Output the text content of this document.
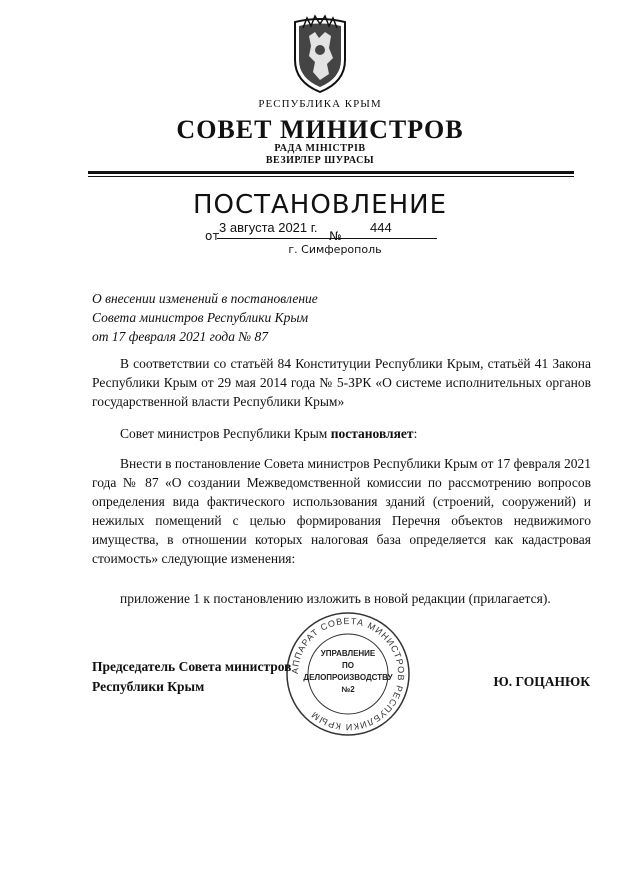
РЕСПУБЛИКА КРЫМ
СОВЕТ МИНИСТРОВ
РАДА МІНІСТРІВ
ВЕЗИРЛЕР ШУРАСЫ
ПОСТАНОВЛЕНИЕ
от
3 августа 2021 г.
№
444
г. Симферополь
О внесении изменений в постановление
Совета министров Республики Крым
от 17 февраля 2021 года № 87
В соответствии со статьёй 84 Конституции Республики Крым, статьёй 41 Закона Республики Крым от 29 мая 2014 года № 5-ЗРК «О системе исполнительных органов государственной власти Республики Крым»
Совет министров Республики Крым постановляет:
Внести в постановление Совета министров Республики Крым от 17 февраля 2021 года № 87 «О создании Межведомственной комиссии по рассмотрению вопросов определения вида фактического использования зданий (строений, сооружений) и нежилых помещений с целью формирования Перечня объектов недвижимого имущества, в отношении которых налоговая база определяется как кадастровая стоимость» следующие изменения:
приложение 1 к постановлению изложить в новой редакции (прилагается).
АППАРАТ СОВЕТА МИНИСТРОВ РЕСПУБЛИКИ КРЫМ
УПРАВЛЕНИЕ
ПО
ДЕЛОПРОИЗВОДСТВУ
№2
Председатель Совета министров
Республики Крым	Ю. ГОЦАНЮК
